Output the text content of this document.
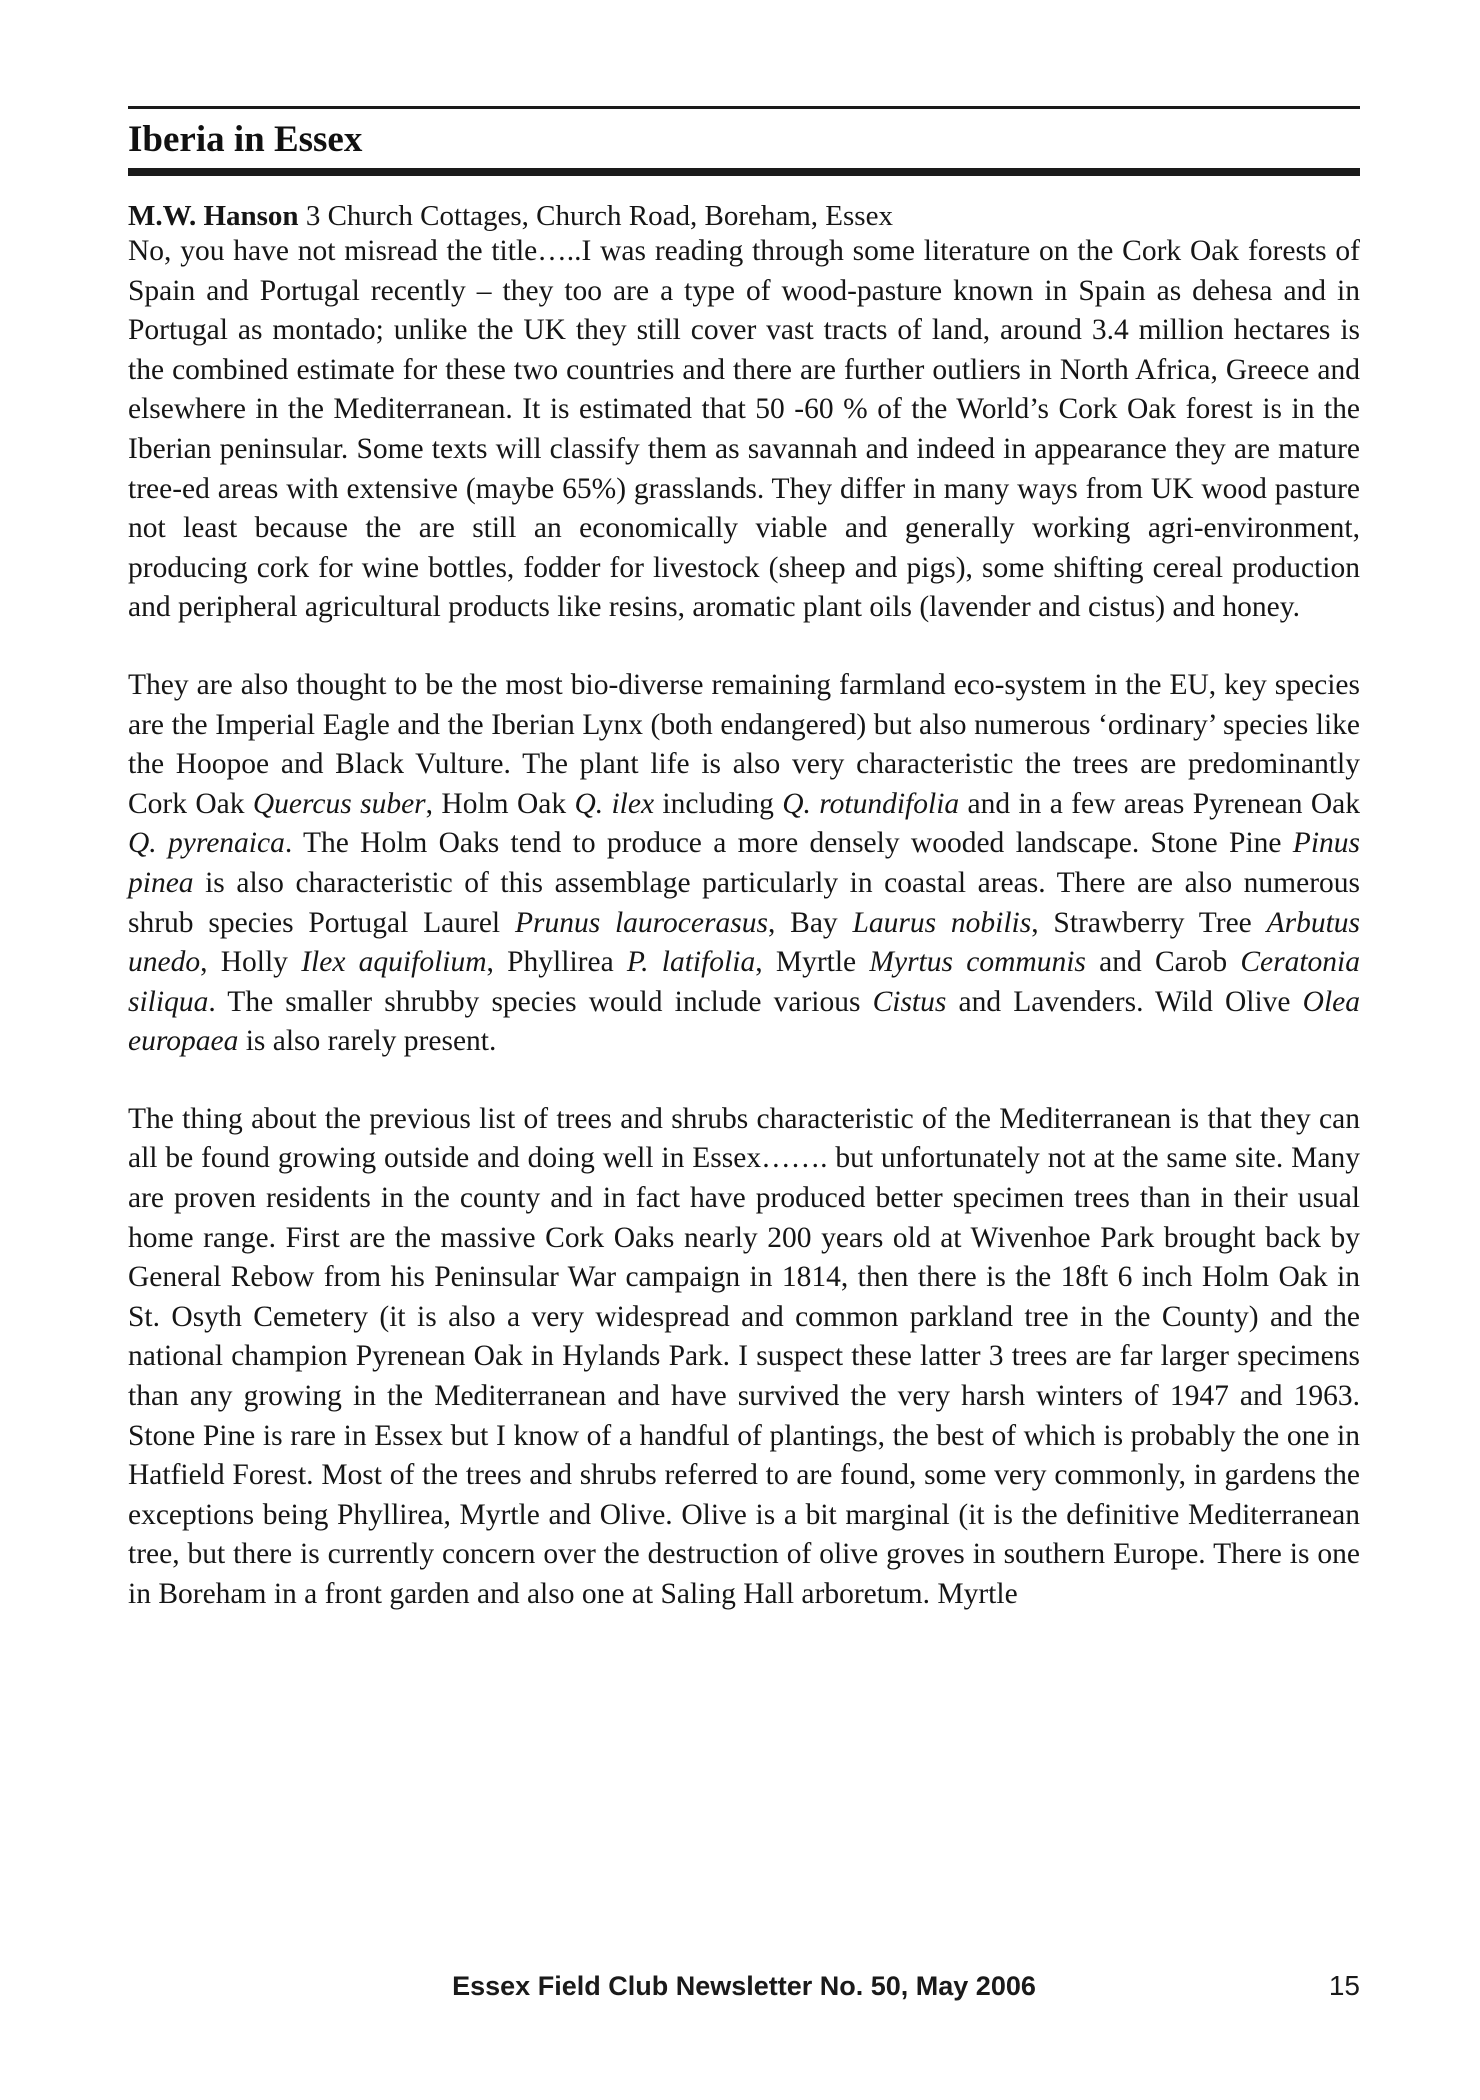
Iberia in Essex
M.W. Hanson 3 Church Cottages, Church Road, Boreham, Essex

No, you have not misread the title…..I was reading through some literature on the Cork Oak forests of Spain and Portugal recently – they too are a type of wood-pasture known in Spain as dehesa and in Portugal as montado; unlike the UK they still cover vast tracts of land, around 3.4 million hectares is the combined estimate for these two countries and there are further outliers in North Africa, Greece and elsewhere in the Mediterranean. It is estimated that 50 -60 % of the World’s Cork Oak forest is in the Iberian peninsular. Some texts will classify them as savannah and indeed in appearance they are mature tree-ed areas with extensive (maybe 65%) grasslands. They differ in many ways from UK wood pasture not least because the are still an economically viable and generally working agri-environment, producing cork for wine bottles, fodder for livestock (sheep and pigs), some shifting cereal production and peripheral agricultural products like resins, aromatic plant oils (lavender and cistus) and honey.

They are also thought to be the most bio-diverse remaining farmland eco-system in the EU, key species are the Imperial Eagle and the Iberian Lynx (both endangered) but also numerous ‘ordinary’ species like the Hoopoe and Black Vulture. The plant life is also very characteristic the trees are predominantly Cork Oak Quercus suber, Holm Oak Q. ilex including Q. rotundifolia and in a few areas Pyrenean Oak Q. pyrenaica. The Holm Oaks tend to produce a more densely wooded landscape. Stone Pine Pinus pinea is also characteristic of this assemblage particularly in coastal areas. There are also numerous shrub species Portugal Laurel Prunus laurocerasus, Bay Laurus nobilis, Strawberry Tree Arbutus unedo, Holly Ilex aquifolium, Phyllirea P. latifolia, Myrtle Myrtus communis and Carob Ceratonia siliqua. The smaller shrubby species would include various Cistus and Lavenders. Wild Olive Olea europaea is also rarely present.

The thing about the previous list of trees and shrubs characteristic of the Mediterranean is that they can all be found growing outside and doing well in Essex……. but unfortunately not at the same site. Many are proven residents in the county and in fact have produced better specimen trees than in their usual home range. First are the massive Cork Oaks nearly 200 years old at Wivenhoe Park brought back by General Rebow from his Peninsular War campaign in 1814, then there is the 18ft 6 inch Holm Oak in St. Osyth Cemetery (it is also a very widespread and common parkland tree in the County) and the national champion Pyrenean Oak in Hylands Park. I suspect these latter 3 trees are far larger specimens than any growing in the Mediterranean and have survived the very harsh winters of 1947 and 1963. Stone Pine is rare in Essex but I know of a handful of plantings, the best of which is probably the one in Hatfield Forest. Most of the trees and shrubs referred to are found, some very commonly, in gardens the exceptions being Phyllirea, Myrtle and Olive. Olive is a bit marginal (it is the definitive Mediterranean tree, but there is currently concern over the destruction of olive groves in southern Europe. There is one in Boreham in a front garden and also one at Saling Hall arboretum. Myrtle

Essex Field Club Newsletter No. 50, May 2006	15
